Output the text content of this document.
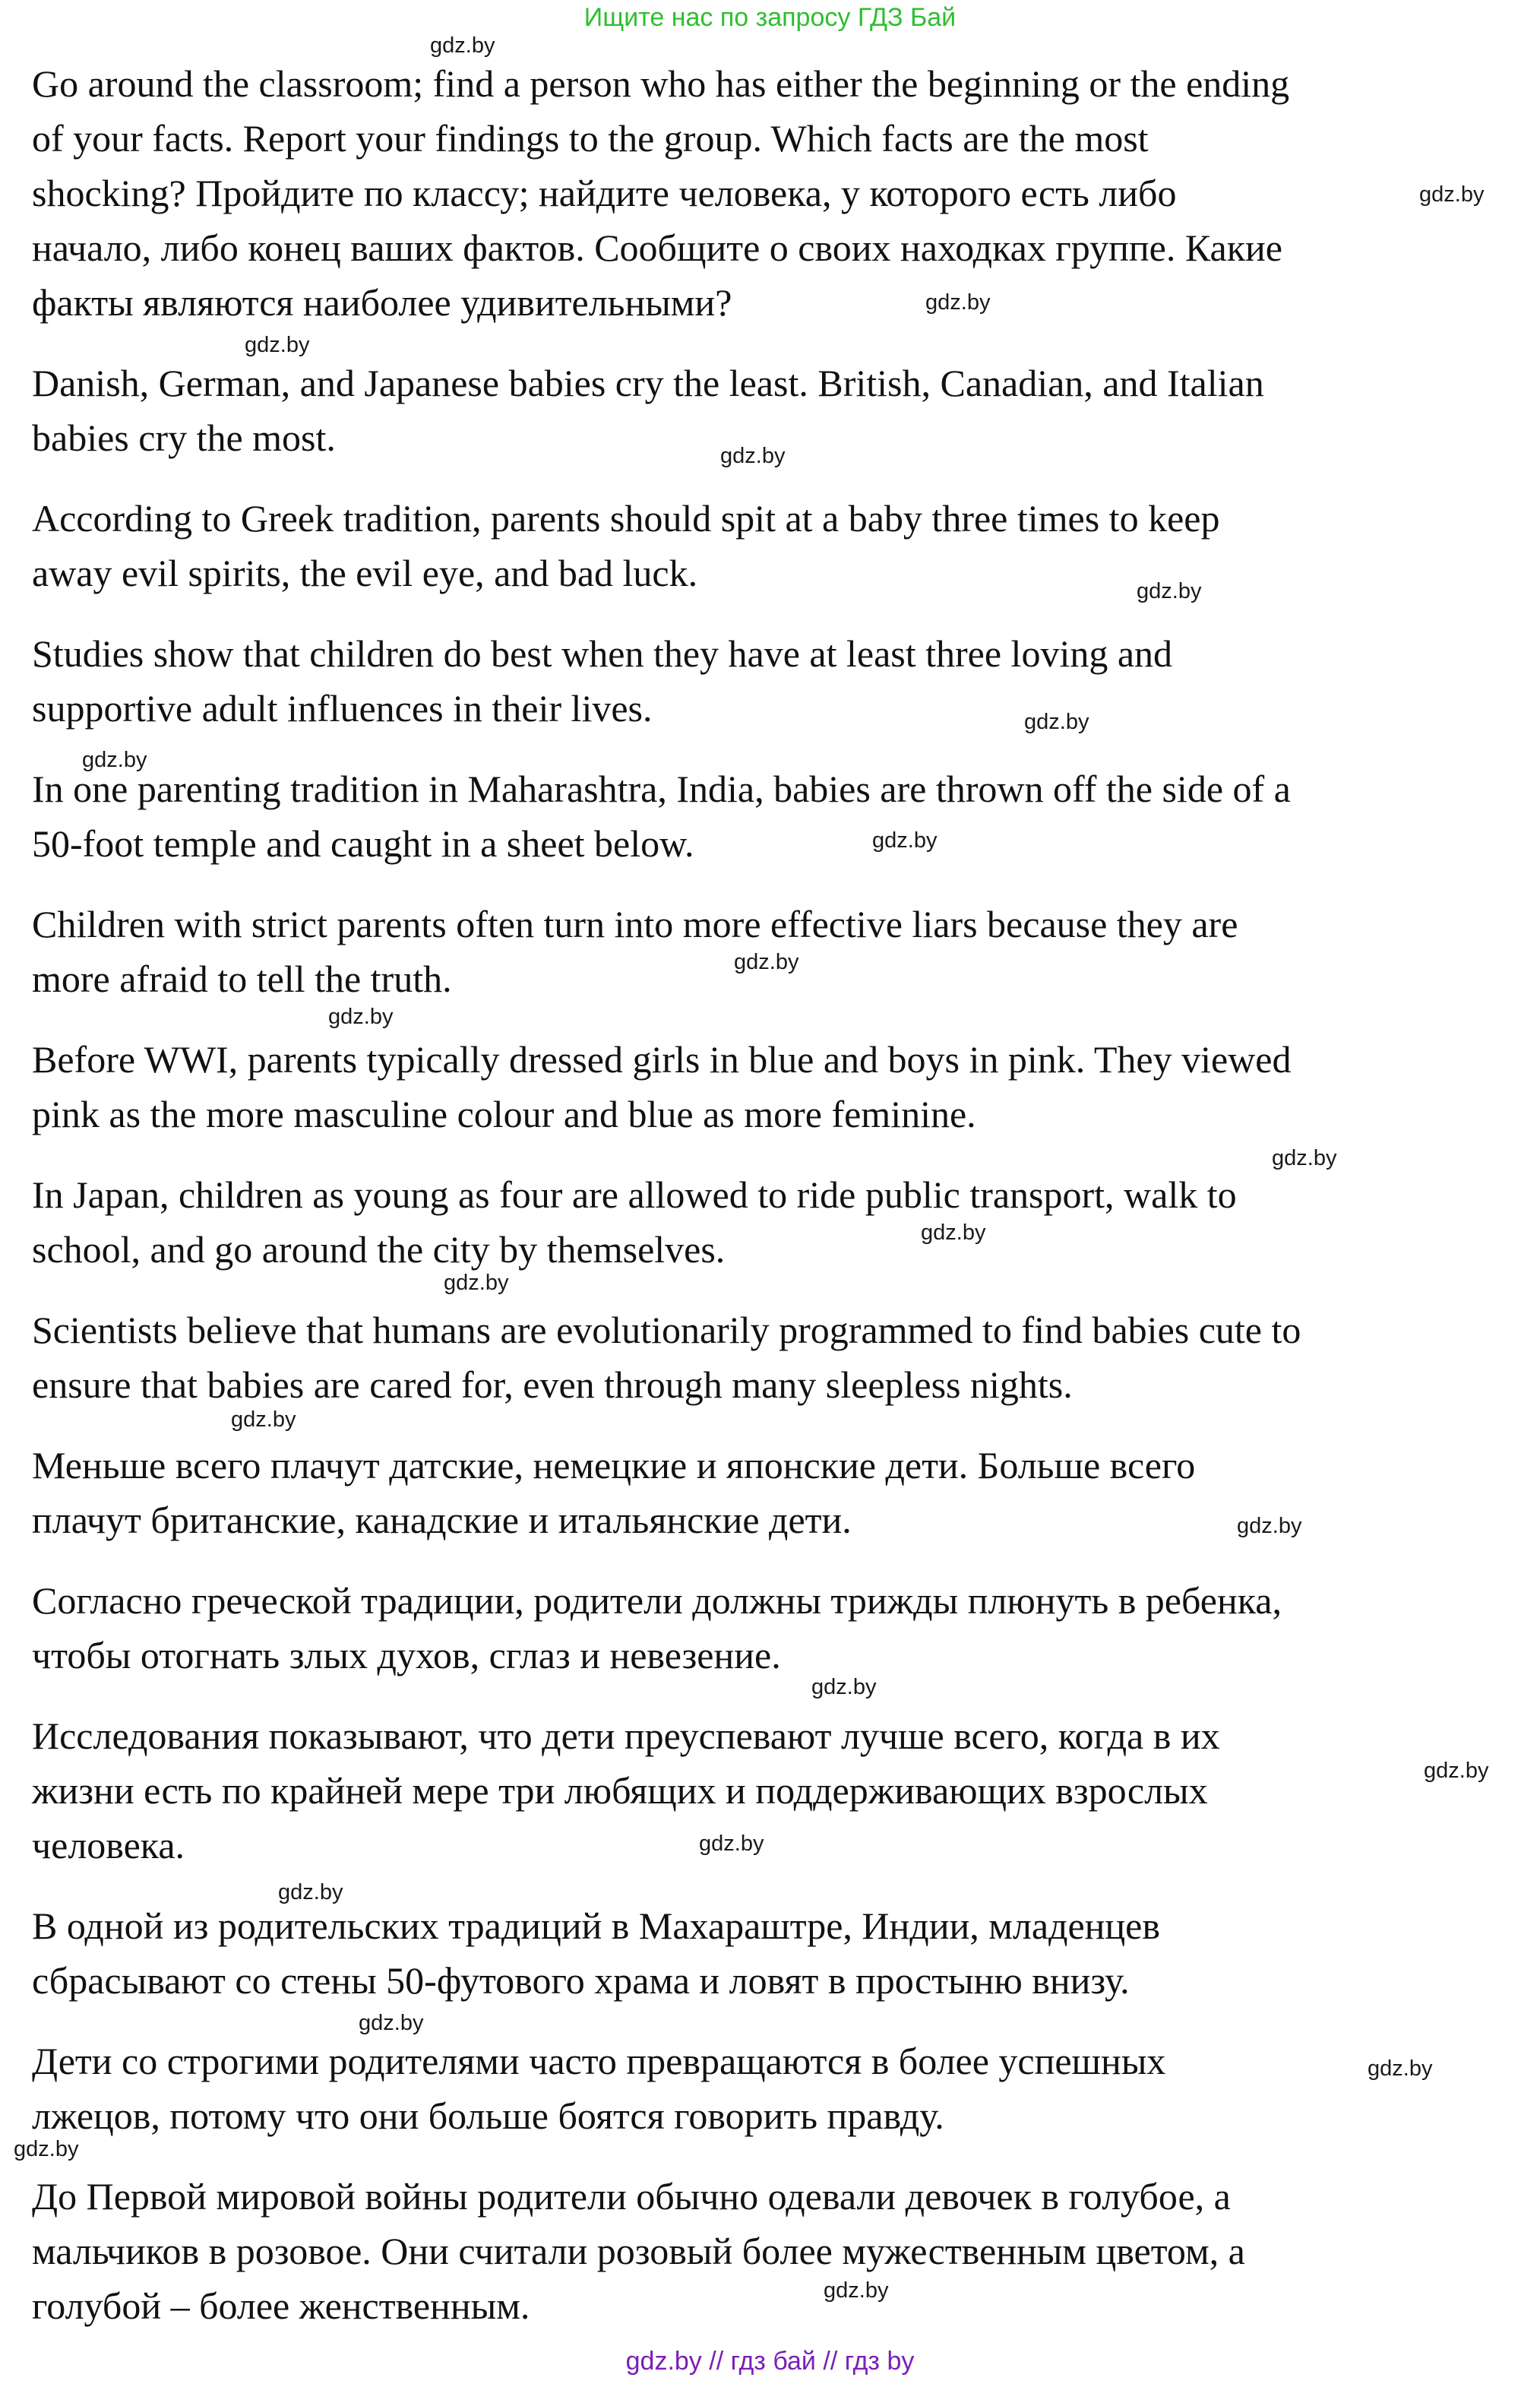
Ищите нас по запросу ГДЗ Бай

Go around the classroom; find a person who has either the beginning or the ending
of your facts. Report your findings to the group. Which facts are the most
shocking? Пройдите по классу; найдите человека, у которого есть либо
начало, либо конец ваших фактов. Сообщите о своих находках группе. Какие
факты являются наиболее удивительными?

Danish, German, and Japanese babies cry the least. British, Canadian, and Italian
babies cry the most.

According to Greek tradition, parents should spit at a baby three times to keep
away evil spirits, the evil eye, and bad luck.

Studies show that children do best when they have at least three loving and
supportive adult influences in their lives.

In one parenting tradition in Maharashtra, India, babies are thrown off the side of a
50-foot temple and caught in a sheet below.

Children with strict parents often turn into more effective liars because they are
more afraid to tell the truth.

Before WWI, parents typically dressed girls in blue and boys in pink. They viewed
pink as the more masculine colour and blue as more feminine.

In Japan, children as young as four are allowed to ride public transport, walk to
school, and go around the city by themselves.

Scientists believe that humans are evolutionarily programmed to find babies cute to
ensure that babies are cared for, even through many sleepless nights.

Меньше всего плачут датские, немецкие и японские дети. Больше всего
плачут британские, канадские и итальянские дети.

Согласно греческой традиции, родители должны трижды плюнуть в ребенка,
чтобы отогнать злых духов, сглаз и невезение.

Исследования показывают, что дети преуспевают лучше всего, когда в их
жизни есть по крайней мере три любящих и поддерживающих взрослых
человека.

В одной из родительских традиций в Махараштре, Индии, младенцев
сбрасывают со стены 50-футового храма и ловят в простыню внизу.

Дети со строгими родителями часто превращаются в более успешных
лжецов, потому что они больше боятся говорить правду.

До Первой мировой войны родители обычно одевали девочек в голубое, а
мальчиков в розовое. Они считали розовый более мужественным цветом, а
голубой – более женственным.

gdz.by
gdz.by
gdz.by
gdz.by
gdz.by
gdz.by
gdz.by
gdz.by
gdz.by
gdz.by
gdz.by
gdz.by
gdz.by
gdz.by
gdz.by
gdz.by
gdz.by
gdz.by
gdz.by
gdz.by
gdz.by
gdz.by
gdz.by
gdz.by
gdz.by // гдз бай // гдз by
